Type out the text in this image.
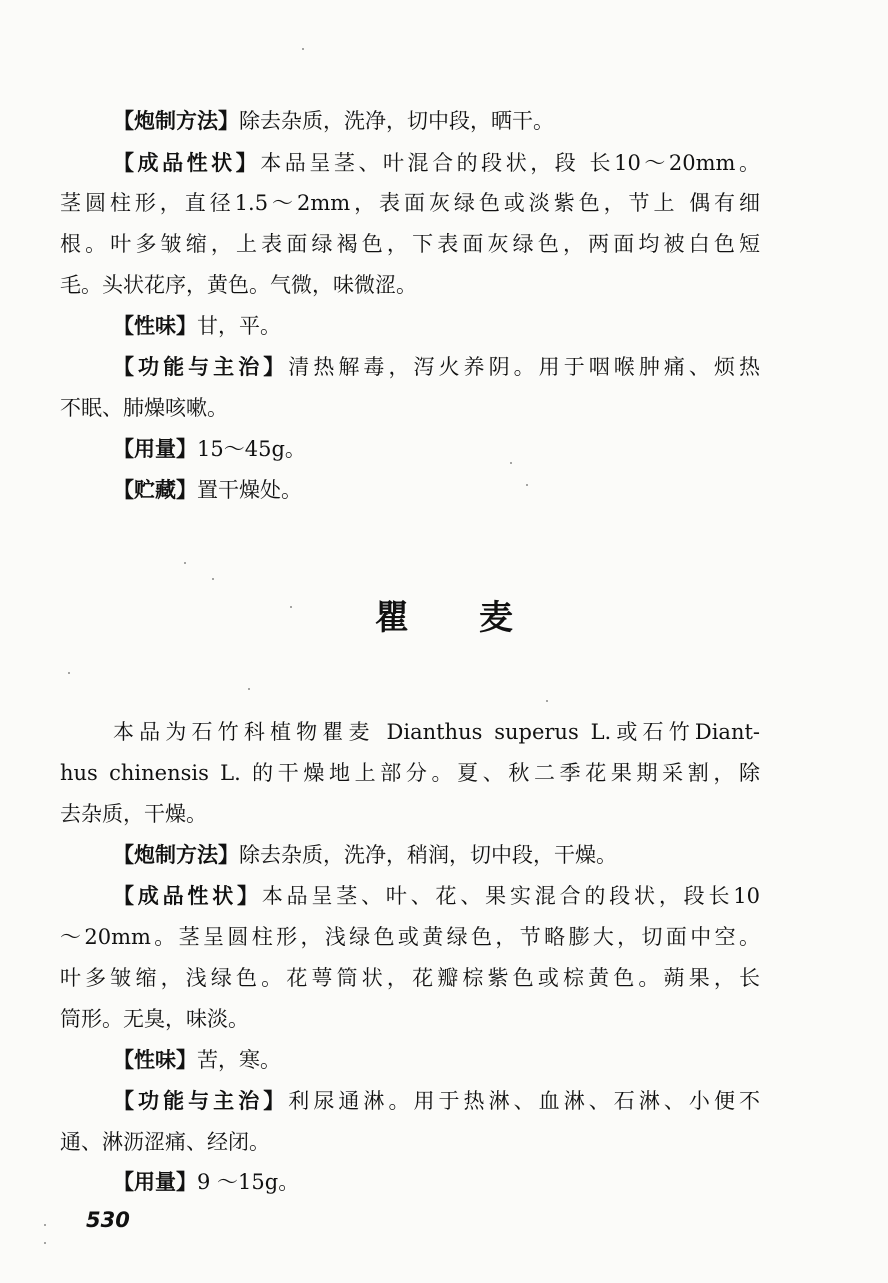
【炮制方法】除去杂质，洗净，切中段，晒干。
【成品性状】本品呈茎、叶混合的段状，段 长10～20mm。
茎圆柱形，直径1.5～2mm，表面灰绿色或淡紫色，节上 偶有细
根。叶多皱缩，上表面绿褐色，下表面灰绿色，两面均被白色短
毛。头状花序，黄色。气微，味微涩。
【性味】甘，平。
【功能与主治】清热解毒，泻火养阴。用于咽喉肿痛、烦热
不眠、肺燥咳嗽。
【用量】15～45g。
【贮藏】置干燥处。
瞿麦
本品为石竹科植物瞿麦 Dianthus superus L.或石竹Diant-
hus chinensis L. 的干燥地上部分。夏、秋二季花果期采割，除
去杂质，干燥。
【炮制方法】除去杂质，洗净，稍润，切中段，干燥。
【成品性状】本品呈茎、叶、花、果实混合的段状，段长10
～20mm。茎呈圆柱形，浅绿色或黄绿色，节略膨大，切面中空。
叶多皱缩，浅绿色。花萼筒状，花瓣棕紫色或棕黄色。蒴果，长
筒形。无臭，味淡。
【性味】苦，寒。
【功能与主治】利尿通淋。用于热淋、血淋、石淋、小便不
通、淋沥涩痛、经闭。
【用量】9 ～15g。
530
